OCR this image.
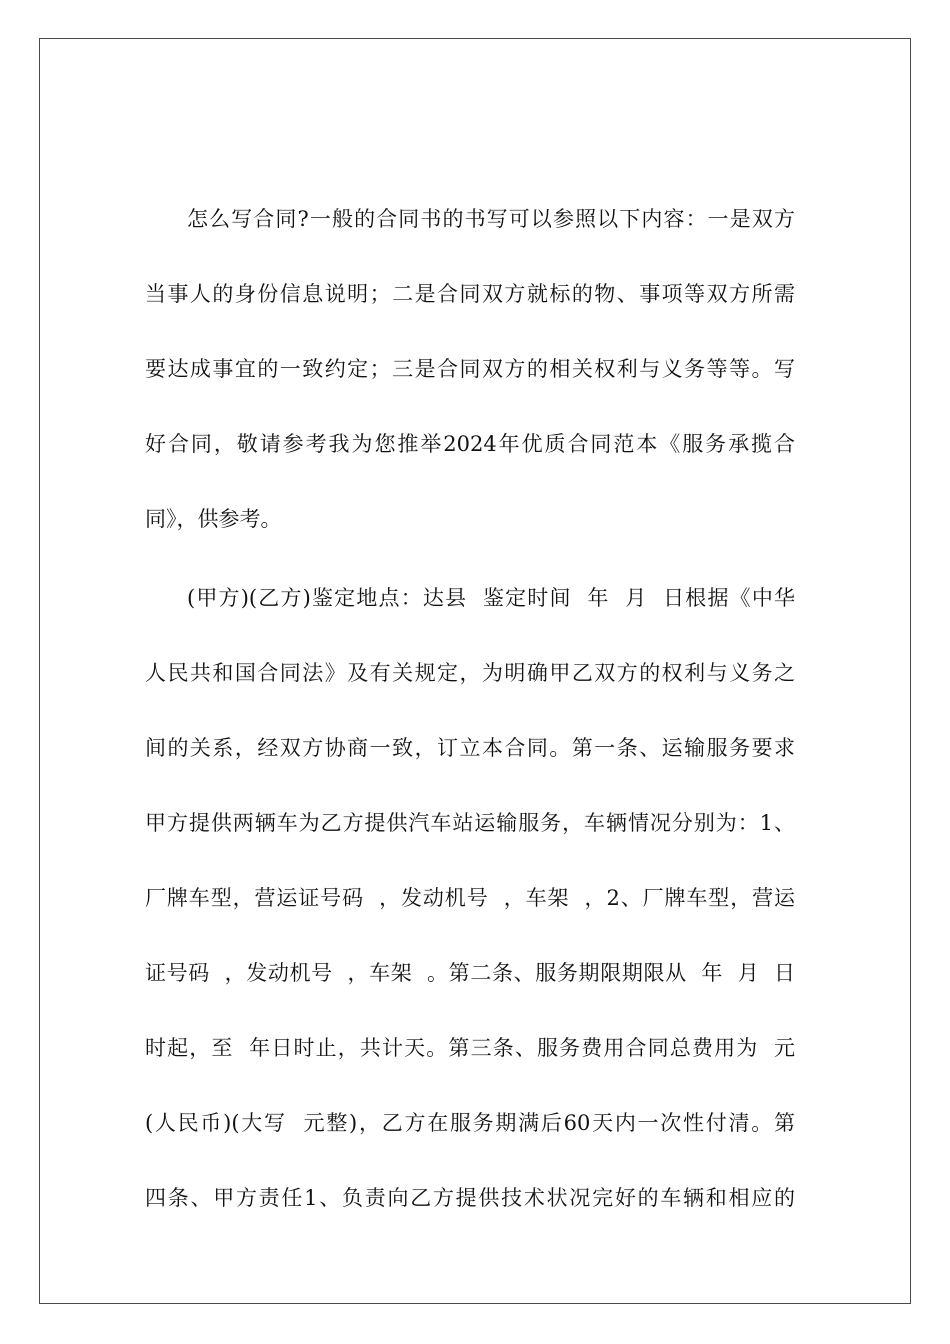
怎么写合同?一般的合同书的书写可以参照以下内容：一是双方
当事人的身份信息说明；二是合同双方就标的物、事项等双方所需
要达成事宜的一致约定；三是合同双方的相关权利与义务等等。写
好合同，敬请参考我为您推举2024年优质合同范本《服务承揽合
同》，供参考。
(甲方)(乙方)鉴定地点：达县  鉴定时间  年  月  日根据《中华
人民共和国合同法》及有关规定，为明确甲乙双方的权利与义务之
间的关系，经双方协商一致，订立本合同。第一条、运输服务要求
甲方提供两辆车为乙方提供汽车站运输服务，车辆情况分别为：1、
厂牌车型，营运证号码  ，发动机号  ，车架  ，2、厂牌车型，营运
证号码  ，发动机号  ，车架  。第二条、服务期限期限从  年  月  日
时起，至  年日时止，共计天。第三条、服务费用合同总费用为  元
(人民币)(大写  元整)，乙方在服务期满后60天内一次性付清。第
四条、甲方责任1、负责向乙方提供技术状况完好的车辆和相应的
